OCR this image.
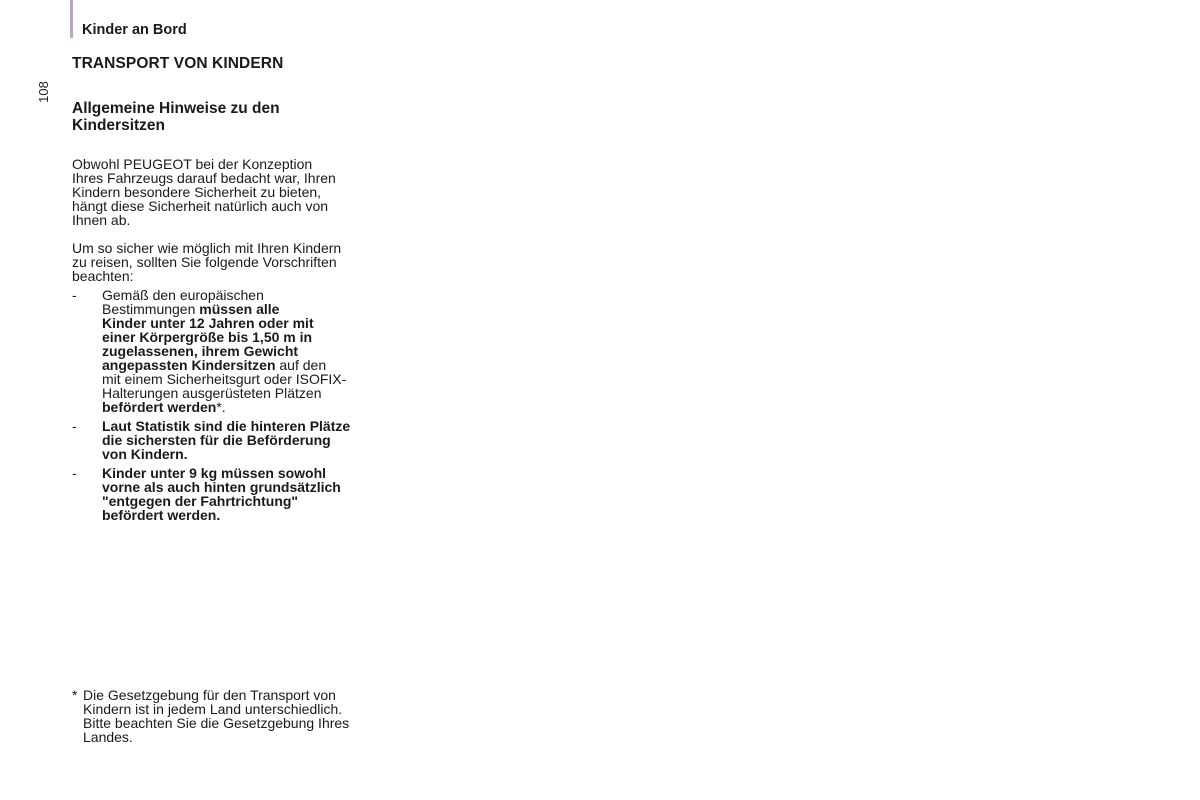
108
Kinder an Bord
TRANSPORT VON KINDERN
Allgemeine Hinweise zu den
Kindersitzen

Obwohl PEUGEOT bei der Konzeption
Ihres Fahrzeugs darauf bedacht war, Ihren
Kindern besondere Sicherheit zu bieten,
hängt diese Sicherheit natürlich auch von
Ihnen ab.

Um so sicher wie möglich mit Ihren Kindern
zu reisen, sollten Sie folgende Vorschriften
beachten:

- Gemäß den europäischen
Bestimmungen müssen alle
Kinder unter 12 Jahren oder mit
einer Körpergröße bis 1,50 m in
zugelassenen, ihrem Gewicht
angepassten Kindersitzen auf den
mit einem Sicherheitsgurt oder ISOFIX-
Halterungen ausgerüsteten Plätzen
befördert werden*.
- Laut Statistik sind die hinteren Plätze
die sichersten für die Beförderung
von Kindern.
- Kinder unter 9 kg müssen sowohl
vorne als auch hinten grundsätzlich
"entgegen der Fahrtrichtung"
befördert werden.
* Die Gesetzgebung für den Transport von
Kindern ist in jedem Land unterschiedlich.
Bitte beachten Sie die Gesetzgebung Ihres
Landes.
